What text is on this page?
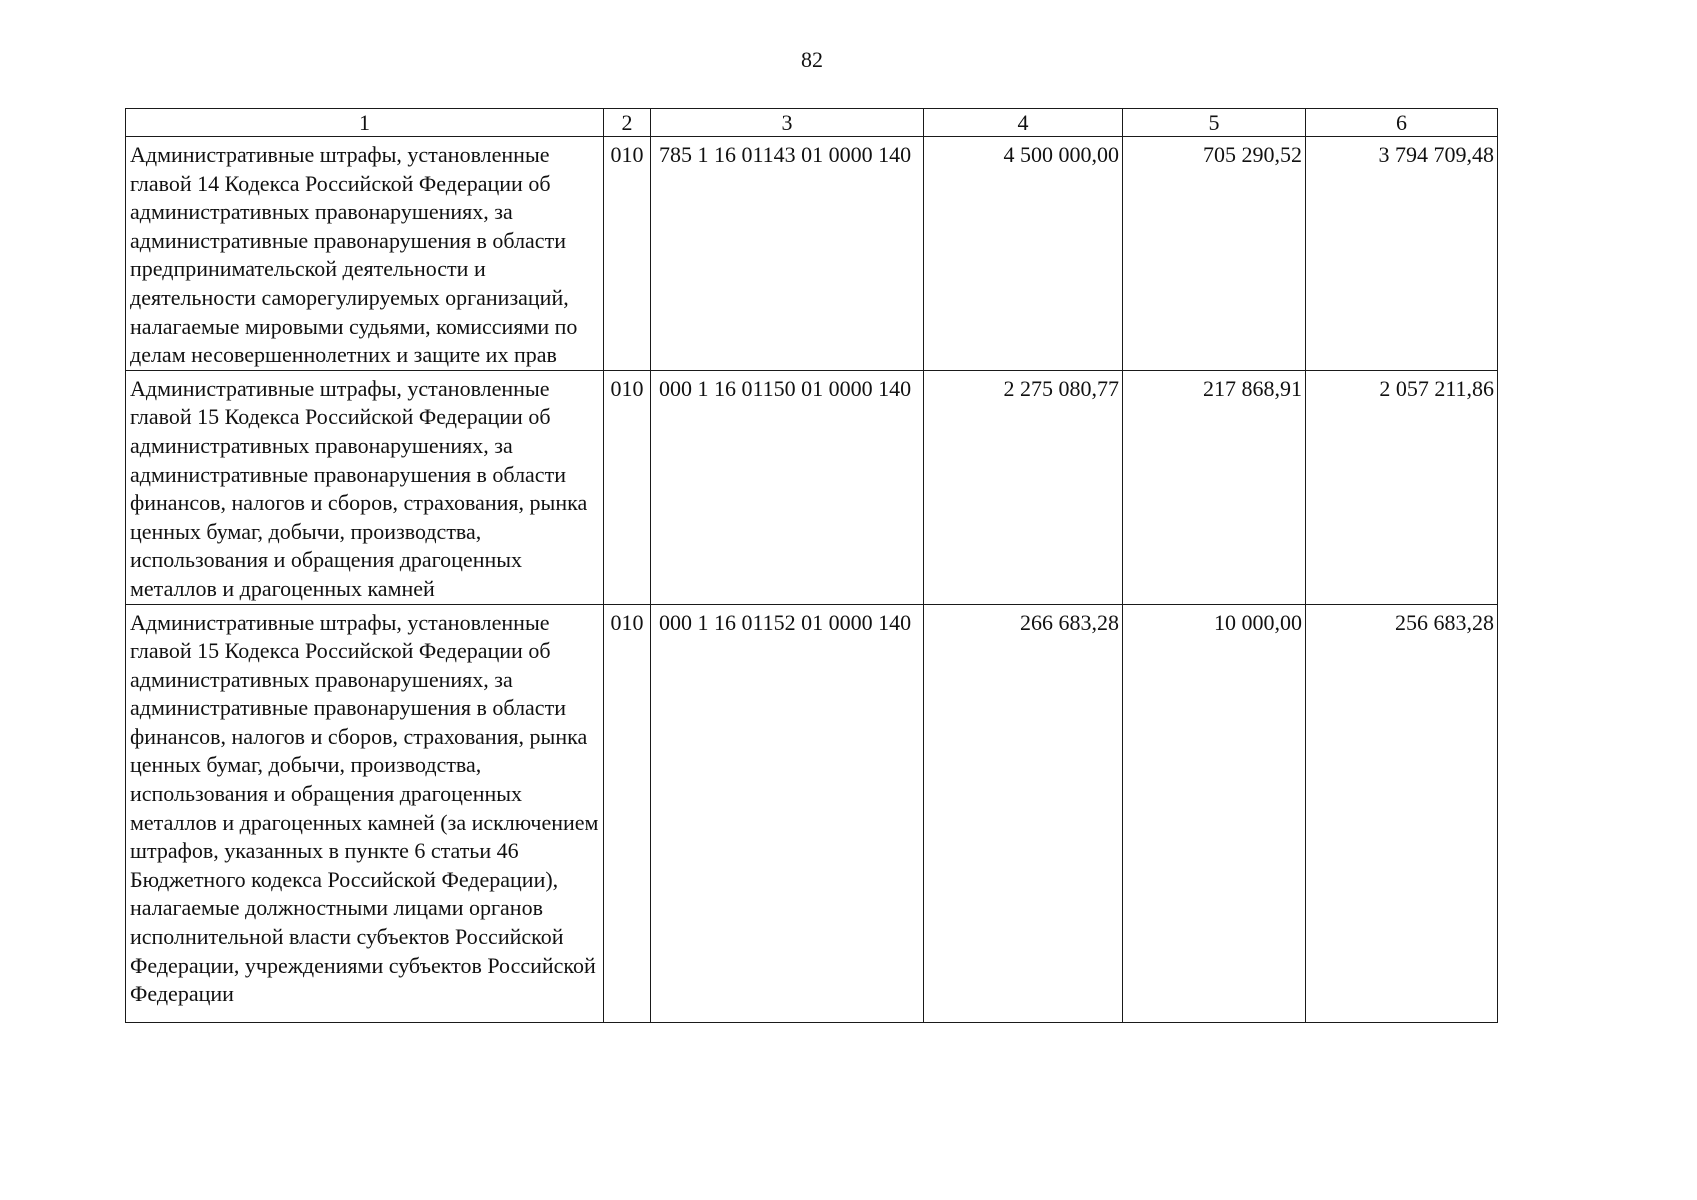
82
1	2	3	4	5	6
Административные штрафы, установленные главой 14 Кодекса Российской Федерации об административных правонарушениях, за административные правонарушения в области предпринимательской деятельности и деятельности саморегулируемых организаций, налагаемые мировыми судьями, комиссиями по делам несовершеннолетних и защите их прав	010	785 1 16 01143 01 0000 140	4 500 000,00	705 290,52	3 794 709,48
Административные штрафы, установленные главой 15 Кодекса Российской Федерации об административных правонарушениях, за административные правонарушения в области финансов, налогов и сборов, страхования, рынка ценных бумаг, добычи, производства, использования и обращения драгоценных металлов и драгоценных камней	010	000 1 16 01150 01 0000 140	2 275 080,77	217 868,91	2 057 211,86
Административные штрафы, установленные главой 15 Кодекса Российской Федерации об административных правонарушениях, за административные правонарушения в области финансов, налогов и сборов, страхования, рынка ценных бумаг, добычи, производства, использования и обращения драгоценных металлов и драгоценных камней (за исключением штрафов, указанных в пункте 6 статьи 46 Бюджетного кодекса Российской Федерации), налагаемые должностными лицами органов исполнительной власти субъектов Российской Федерации, учреждениями субъектов Российской Федерации	010	000 1 16 01152 01 0000 140	266 683,28	10 000,00	256 683,28
